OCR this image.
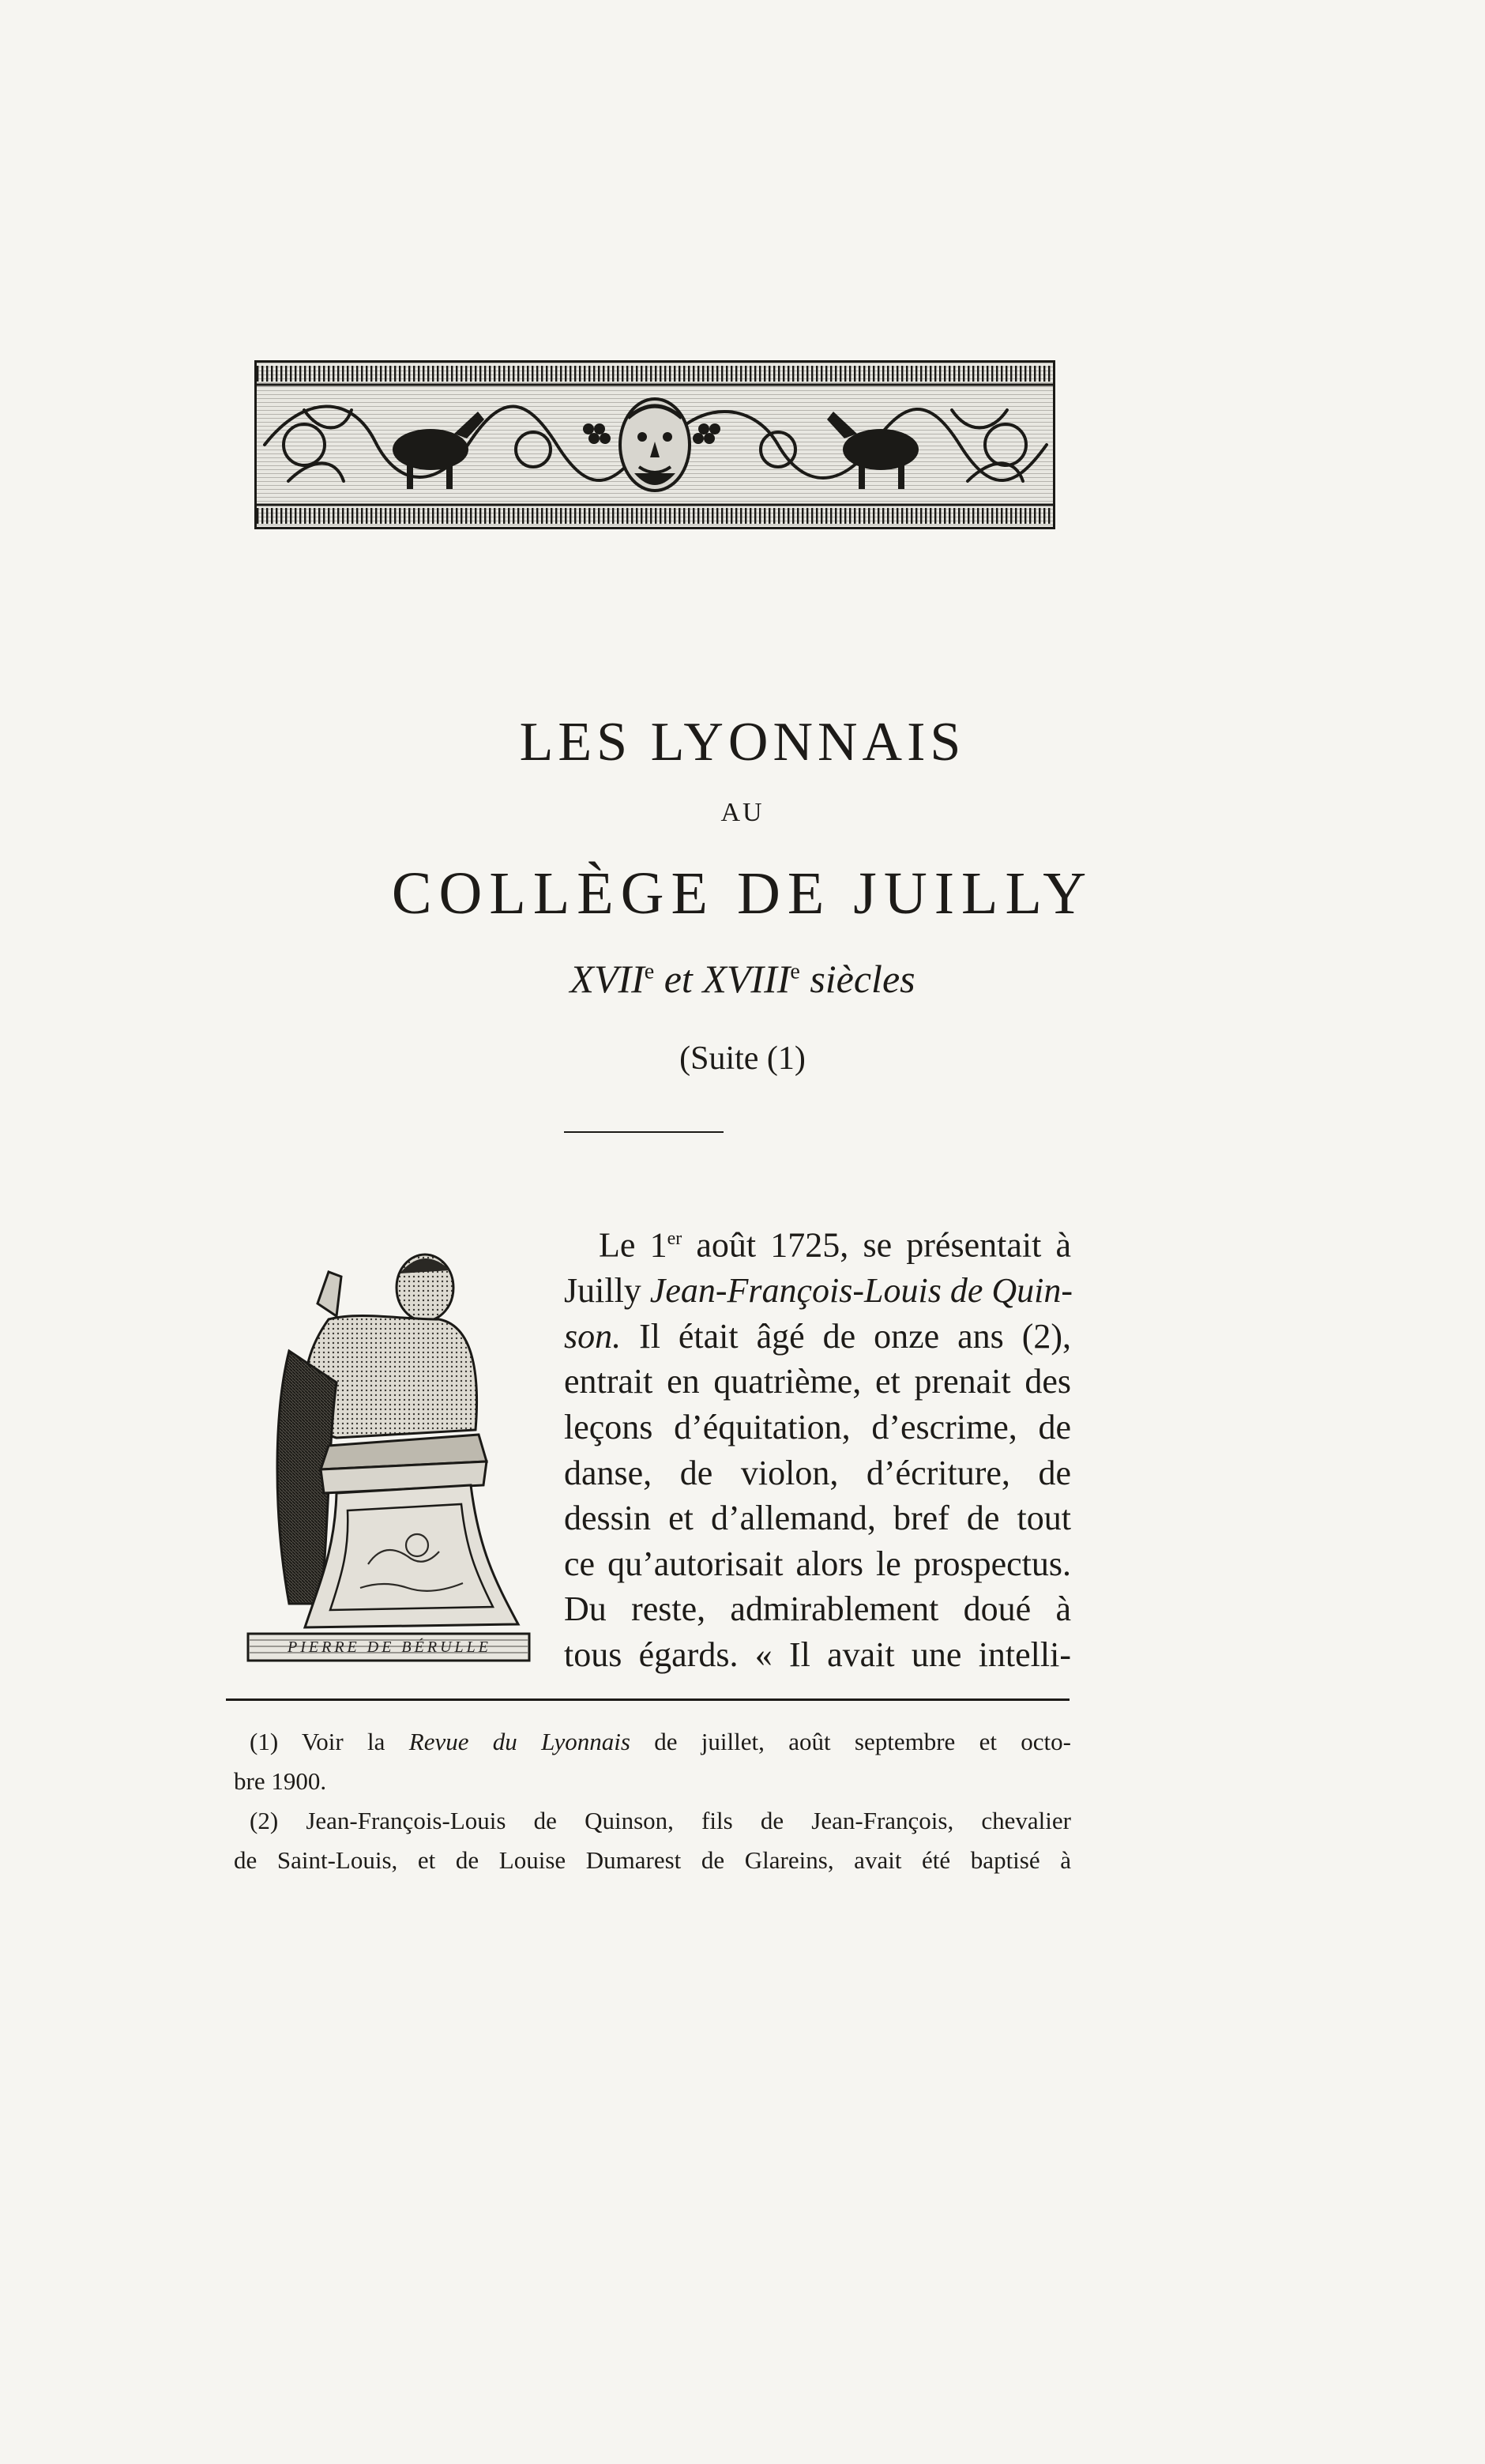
LES LYONNAIS
AU
COLLÈGE DE JUILLY
XVIIe et XVIIIe siècles
(Suite (1)
PIERRE DE BÉRULLE
Le 1er août 1725, se présentait à
Juilly Jean-François-Louis de Quin-
son. Il était âgé de onze ans (2),
entrait en quatrième, et prenait des
leçons d’équitation, d’escrime, de
danse, de violon, d’écriture, de
dessin et d’allemand, bref de tout
ce qu’autorisait alors le prospectus.
Du reste, admirablement doué à
tous égards. « Il avait une intelli-
(1) Voir la Revue du Lyonnais de juillet, août septembre et octo-
bre 1900.
(2) Jean-François-Louis de Quinson, fils de Jean-François, chevalier
de Saint-Louis, et de Louise Dumarest de Glareins, avait été baptisé à
